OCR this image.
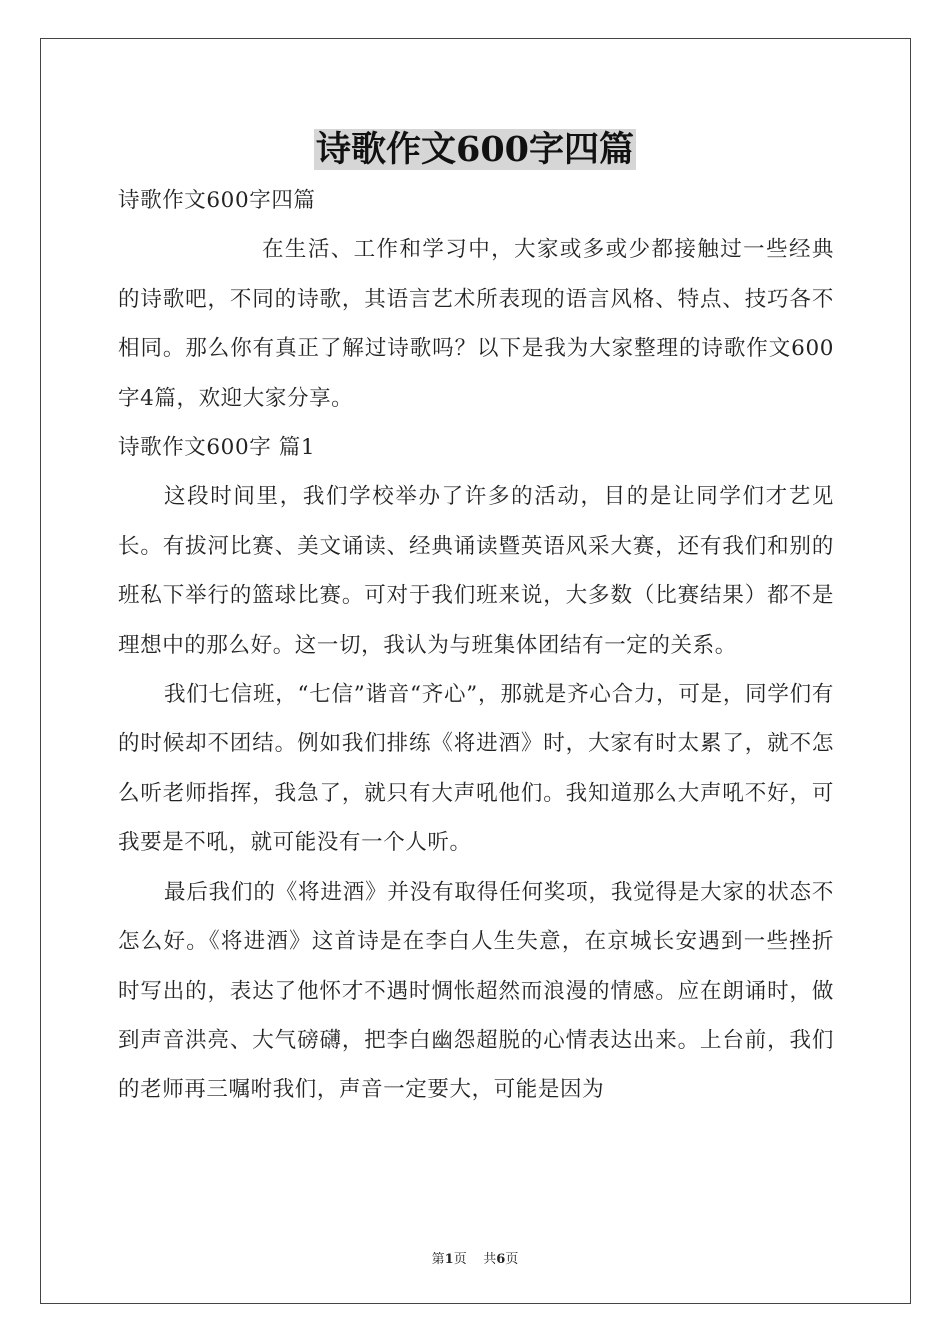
诗歌作文600字四篇

诗歌作文600字四篇

在生活、工作和学习中，大家或多或少都接触过一些经典的诗歌吧，不同的诗歌，其语言艺术所表现的语言风格、特点、技巧各不相同。那么你有真正了解过诗歌吗？以下是我为大家整理的诗歌作文600字4篇，欢迎大家分享。

诗歌作文600字 篇1

这段时间里，我们学校举办了许多的活动，目的是让同学们才艺见长。有拔河比赛、美文诵读、经典诵读暨英语风采大赛，还有我们和别的班私下举行的篮球比赛。可对于我们班来说，大多数（比赛结果）都不是理想中的那么好。这一切，我认为与班集体团结有一定的关系。

我们七信班，“七信”谐音“齐心”，那就是齐心合力，可是，同学们有的时候却不团结。例如我们排练《将进酒》时，大家有时太累了，就不怎么听老师指挥，我急了，就只有大声吼他们。我知道那么大声吼不好，可我要是不吼，就可能没有一个人听。

最后我们的《将进酒》并没有取得任何奖项，我觉得是大家的状态不怎么好。《将进酒》这首诗是在李白人生失意，在京城长安遇到一些挫折时写出的，表达了他怀才不遇时惆怅超然而浪漫的情感。应在朗诵时，做到声音洪亮、大气磅礴，把李白幽怨超脱的心情表达出来。上台前，我们的老师再三嘱咐我们，声音一定要大，可能是因为

第1页 共6页
